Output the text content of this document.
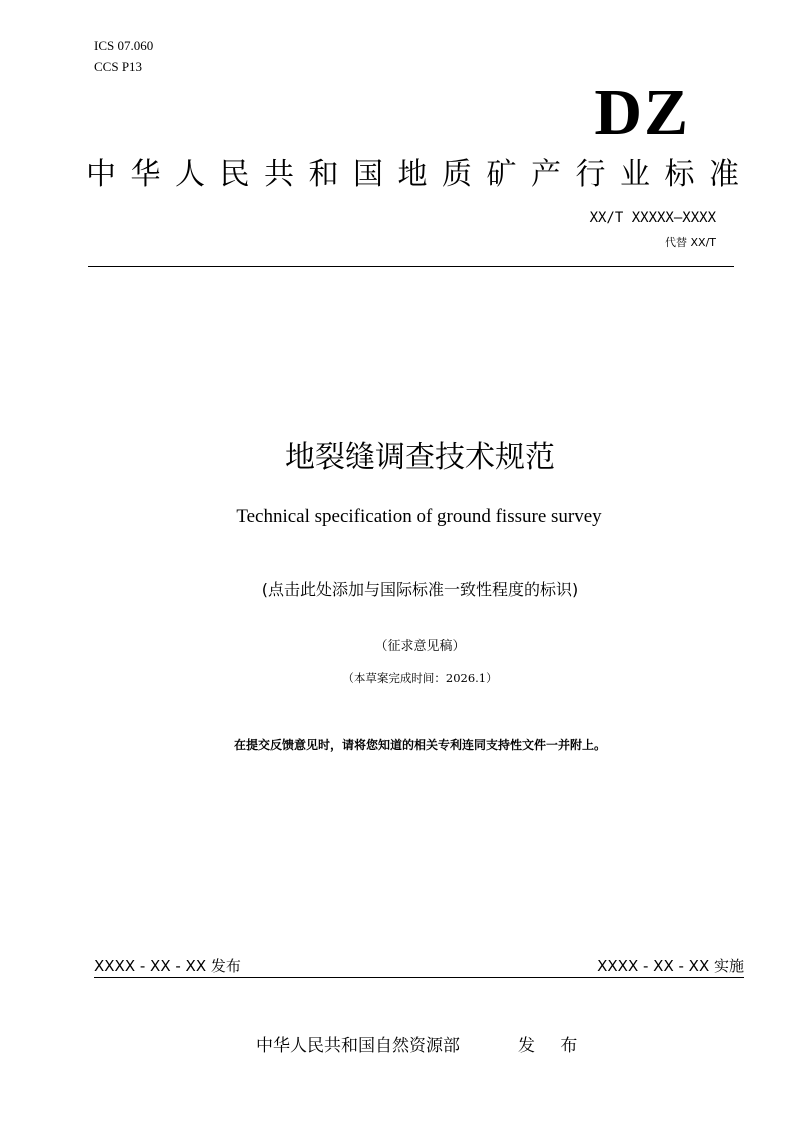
ICS 07.060
CCS P13
DZ
中华人民共和国地质矿产行业标准
XX/T XXXXX—XXXX
代替 XX/T
地裂缝调查技术规范
Technical specification of ground fissure survey
(点击此处添加与国际标准一致性程度的标识)
（征求意见稿）
（本草案完成时间：2026.1）
在提交反馈意见时，请将您知道的相关专利连同支持性文件一并附上。
XXXX - XX - XX 发布	XXXX - XX - XX 实施
中华人民共和国自然资源部	发 布
